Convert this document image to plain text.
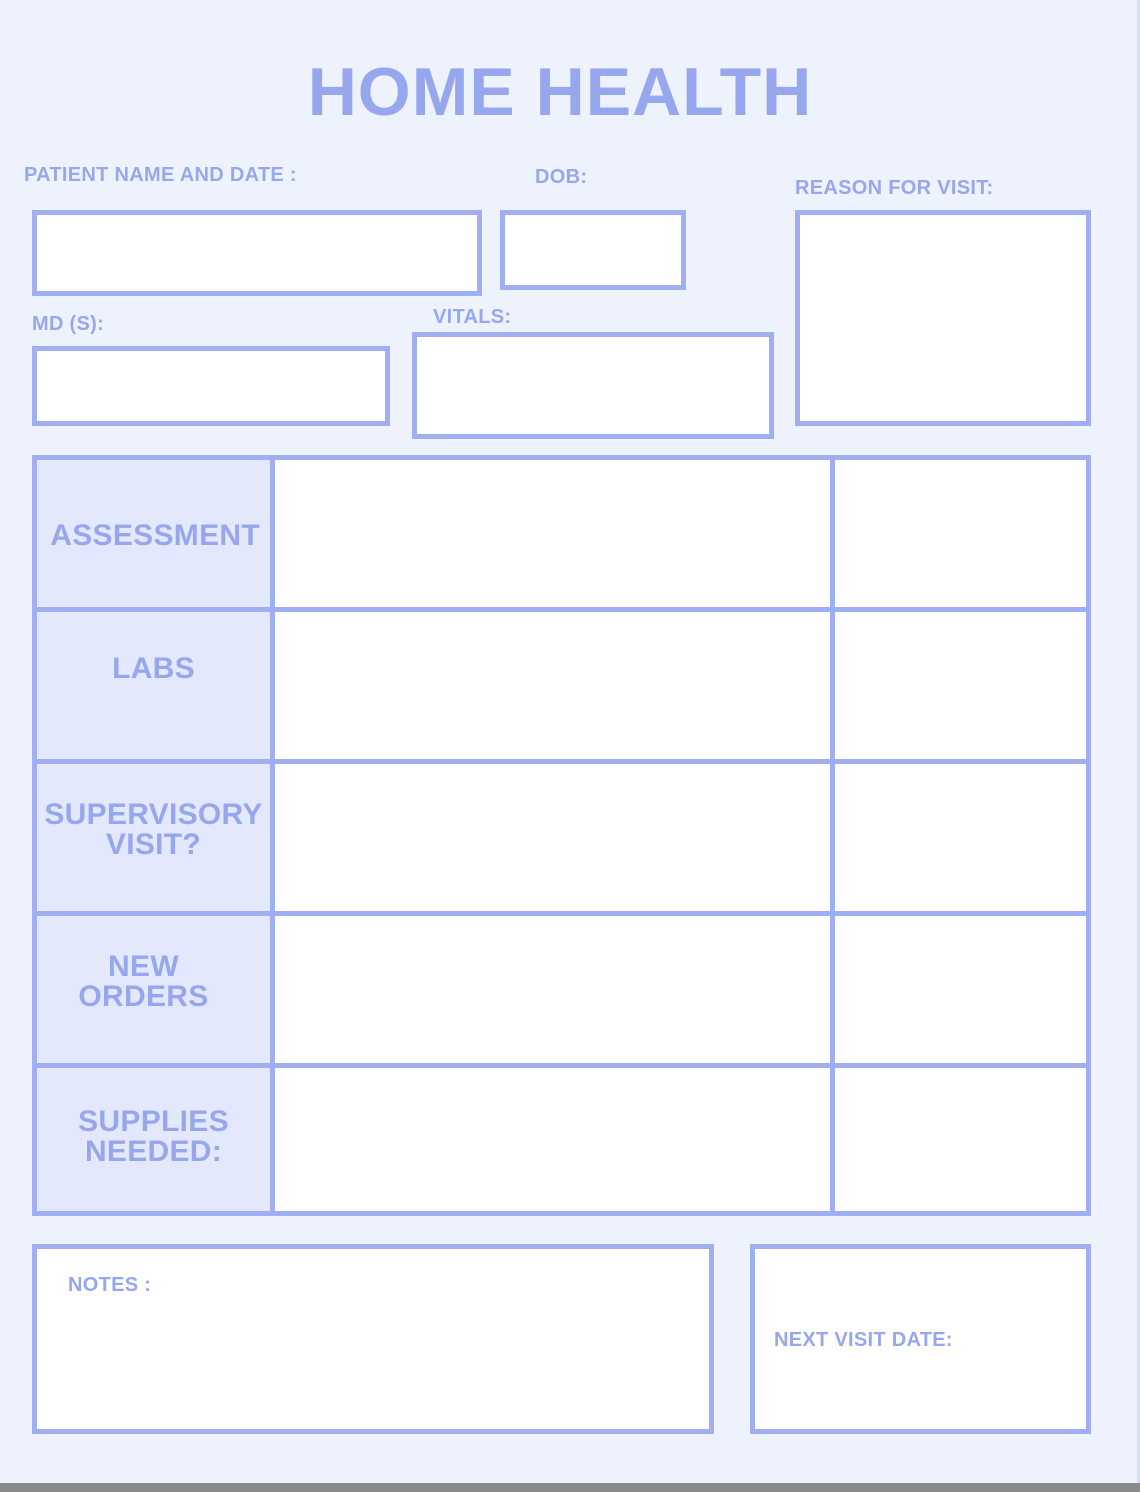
HOME HEALTH
PATIENT NAME AND DATE :	DOB:	REASON FOR VISIT:
MD (S):	VITALS:
ASSESSMENT
LABS
SUPERVISORY
VISIT?
NEW
ORDERS
SUPPLIES
NEEDED:
NOTES :
NEXT VISIT DATE:
